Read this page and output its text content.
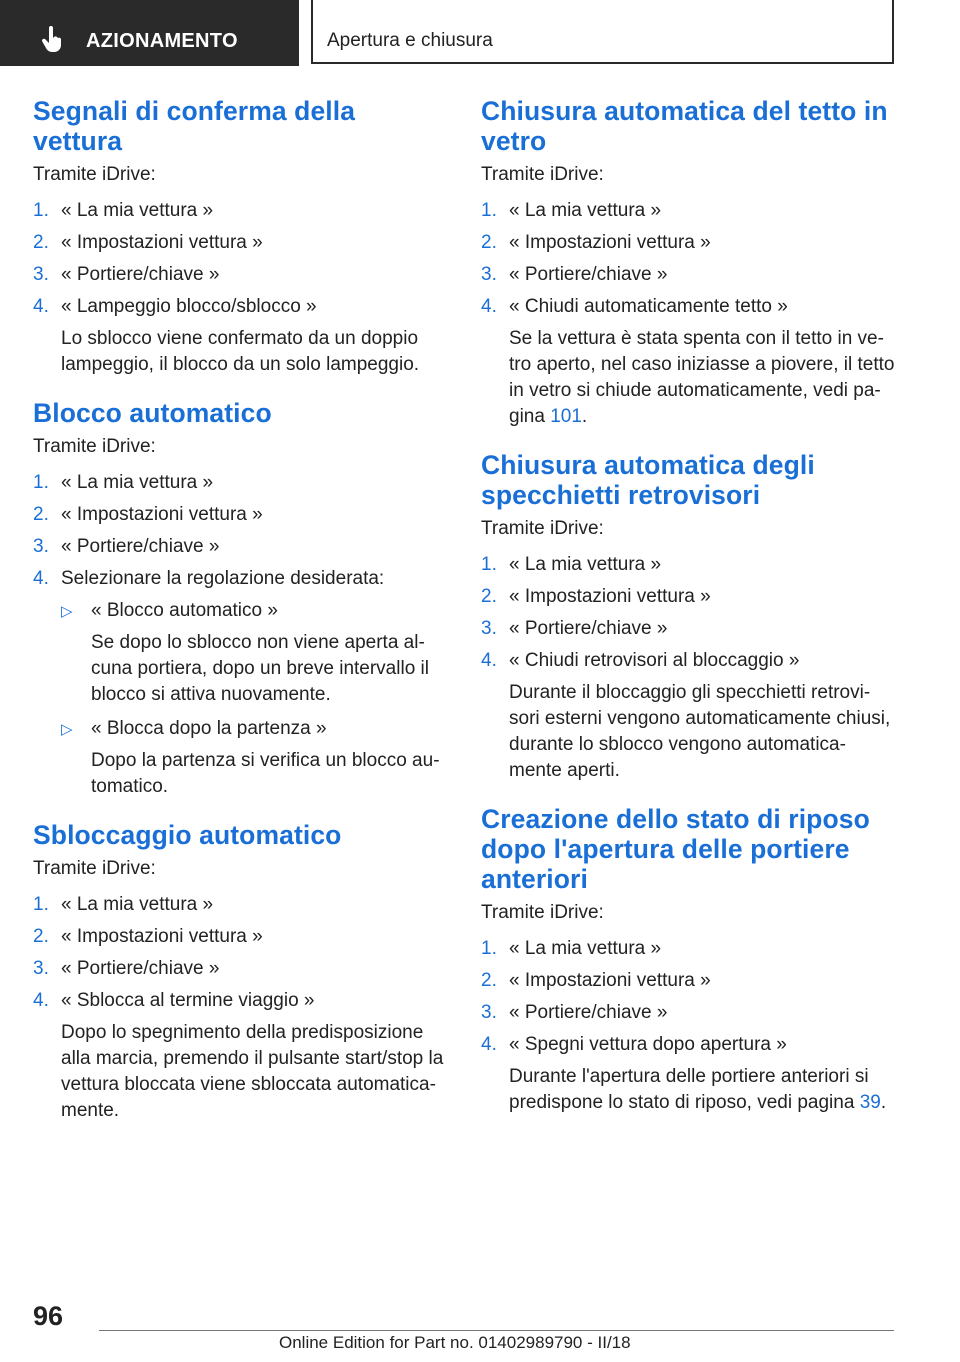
AZIONAMENTO	Apertura e chiusura
Segnali di conferma della vettura
Tramite iDrive:
1. « La mia vettura »
2. « Impostazioni vettura »
3. « Portiere/chiave »
4. « Lampeggio blocco/sblocco »
Lo sblocco viene confermato da un doppio lampeggio, il blocco da un solo lampeggio.
Blocco automatico
Tramite iDrive:
1. « La mia vettura »
2. « Impostazioni vettura »
3. « Portiere/chiave »
4. Selezionare la regolazione desiderata:
▷ « Blocco automatico »
Se dopo lo sblocco non viene aperta al- cuna portiera, dopo un breve intervallo il blocco si attiva nuovamente.
▷ « Blocca dopo la partenza »
Dopo la partenza si verifica un blocco au- tomatico.
Sbloccaggio automatico
Tramite iDrive:
1. « La mia vettura »
2. « Impostazioni vettura »
3. « Portiere/chiave »
4. « Sblocca al termine viaggio »
Dopo lo spegnimento della predisposizione alla marcia, premendo il pulsante start/stop la vettura bloccata viene sbloccata automatica- mente.
Chiusura automatica del tetto in vetro
Tramite iDrive:
1. « La mia vettura »
2. « Impostazioni vettura »
3. « Portiere/chiave »
4. « Chiudi automaticamente tetto »
Se la vettura è stata spenta con il tetto in ve- tro aperto, nel caso iniziasse a piovere, il tetto in vetro si chiude automaticamente, vedi pa- gina 101.
Chiusura automatica degli specchietti retrovisori
Tramite iDrive:
1. « La mia vettura »
2. « Impostazioni vettura »
3. « Portiere/chiave »
4. « Chiudi retrovisori al bloccaggio »
Durante il bloccaggio gli specchietti retrovi- sori esterni vengono automaticamente chiusi, durante lo sblocco vengono automatica- mente aperti.
Creazione dello stato di riposo dopo l'apertura delle portiere anteriori
Tramite iDrive:
1. « La mia vettura »
2. « Impostazioni vettura »
3. « Portiere/chiave »
4. « Spegni vettura dopo apertura »
Durante l'apertura delle portiere anteriori si predispone lo stato di riposo, vedi pagina 39.
96
Online Edition for Part no. 01402989790 - II/18
